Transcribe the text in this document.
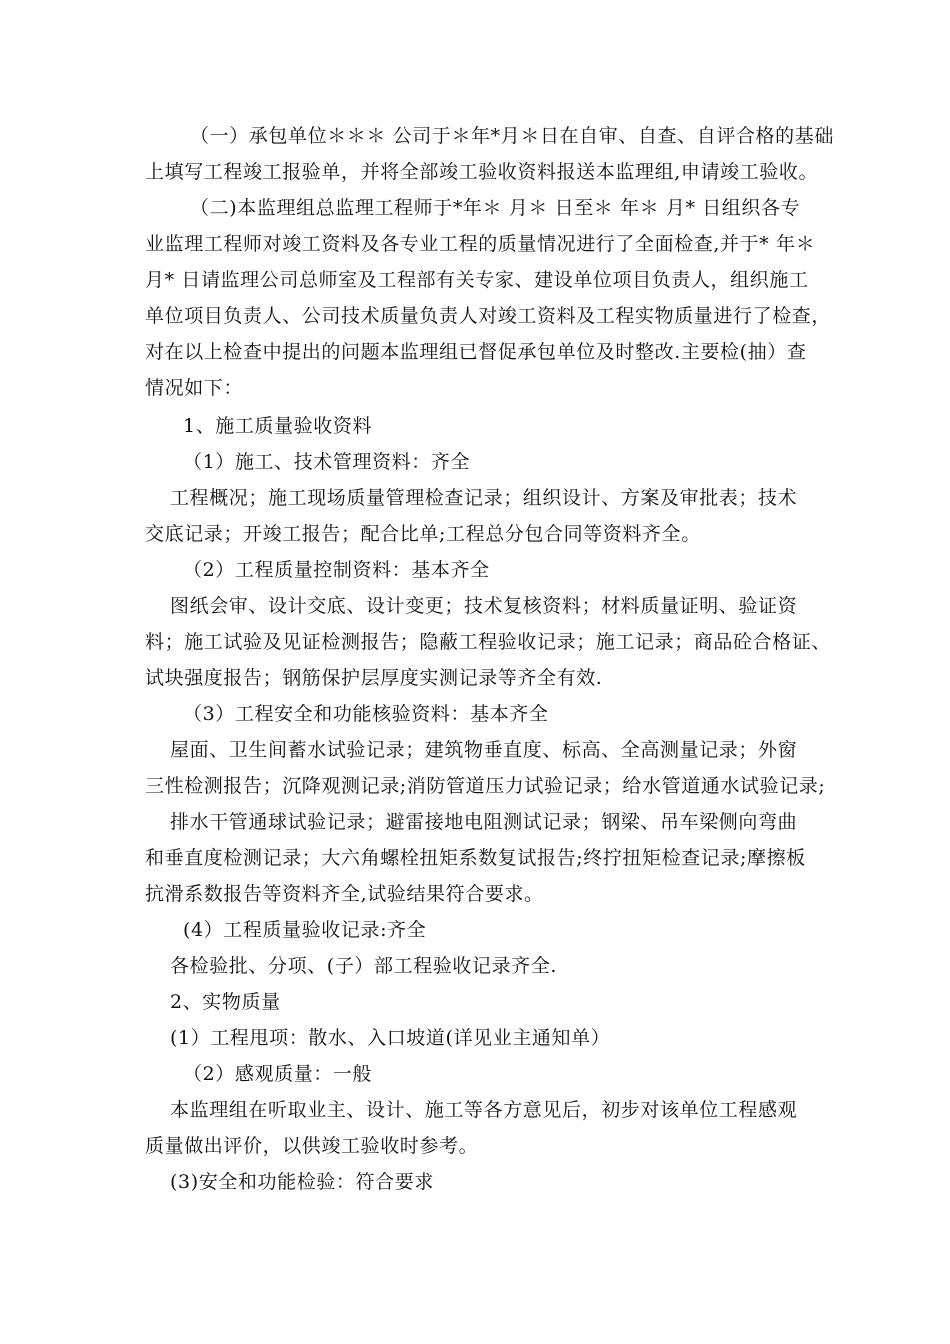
（一）承包单位＊＊＊ 公司于＊年*月＊日在自审、自查、自评合格的基础
上填写工程竣工报验单，并将全部竣工验收资料报送本监理组,申请竣工验收。
（二)本监理组总监理工程师于*年＊ 月＊ 日至＊ 年＊ 月* 日组织各专
业监理工程师对竣工资料及各专业工程的质量情况进行了全面检查,并于* 年＊
月* 日请监理公司总师室及工程部有关专家、建设单位项目负责人，组织施工
单位项目负责人、公司技术质量负责人对竣工资料及工程实物质量进行了检查，
对在以上检查中提出的问题本监理组已督促承包单位及时整改.主要检(抽）查
情况如下：
1、施工质量验收资料
（1）施工、技术管理资料：齐全
工程概况；施工现场质量管理检查记录；组织设计、方案及审批表；技术
交底记录；开竣工报告；配合比单;工程总分包合同等资料齐全。
（2）工程质量控制资料：基本齐全
图纸会审、设计交底、设计变更；技术复核资料；材料质量证明、验证资
料；施工试验及见证检测报告；隐蔽工程验收记录；施工记录；商品砼合格证、
试块强度报告；钢筋保护层厚度实测记录等齐全有效.
（3）工程安全和功能核验资料：基本齐全
屋面、卫生间蓄水试验记录；建筑物垂直度、标高、全高测量记录；外窗
三性检测报告；沉降观测记录;消防管道压力试验记录；给水管道通水试验记录;
排水干管通球试验记录；避雷接地电阻测试记录；钢梁、吊车梁侧向弯曲
和垂直度检测记录；大六角螺栓扭矩系数复试报告;终拧扭矩检查记录;摩擦板
抗滑系数报告等资料齐全,试验结果符合要求。
(4）工程质量验收记录:齐全
各检验批、分项、(子）部工程验收记录齐全.
2、实物质量
(1）工程甩项：散水、入口坡道(详见业主通知单）
（2）感观质量：一般
本监理组在听取业主、设计、施工等各方意见后，初步对该单位工程感观
质量做出评价，以供竣工验收时参考。
(3)安全和功能检验：符合要求
